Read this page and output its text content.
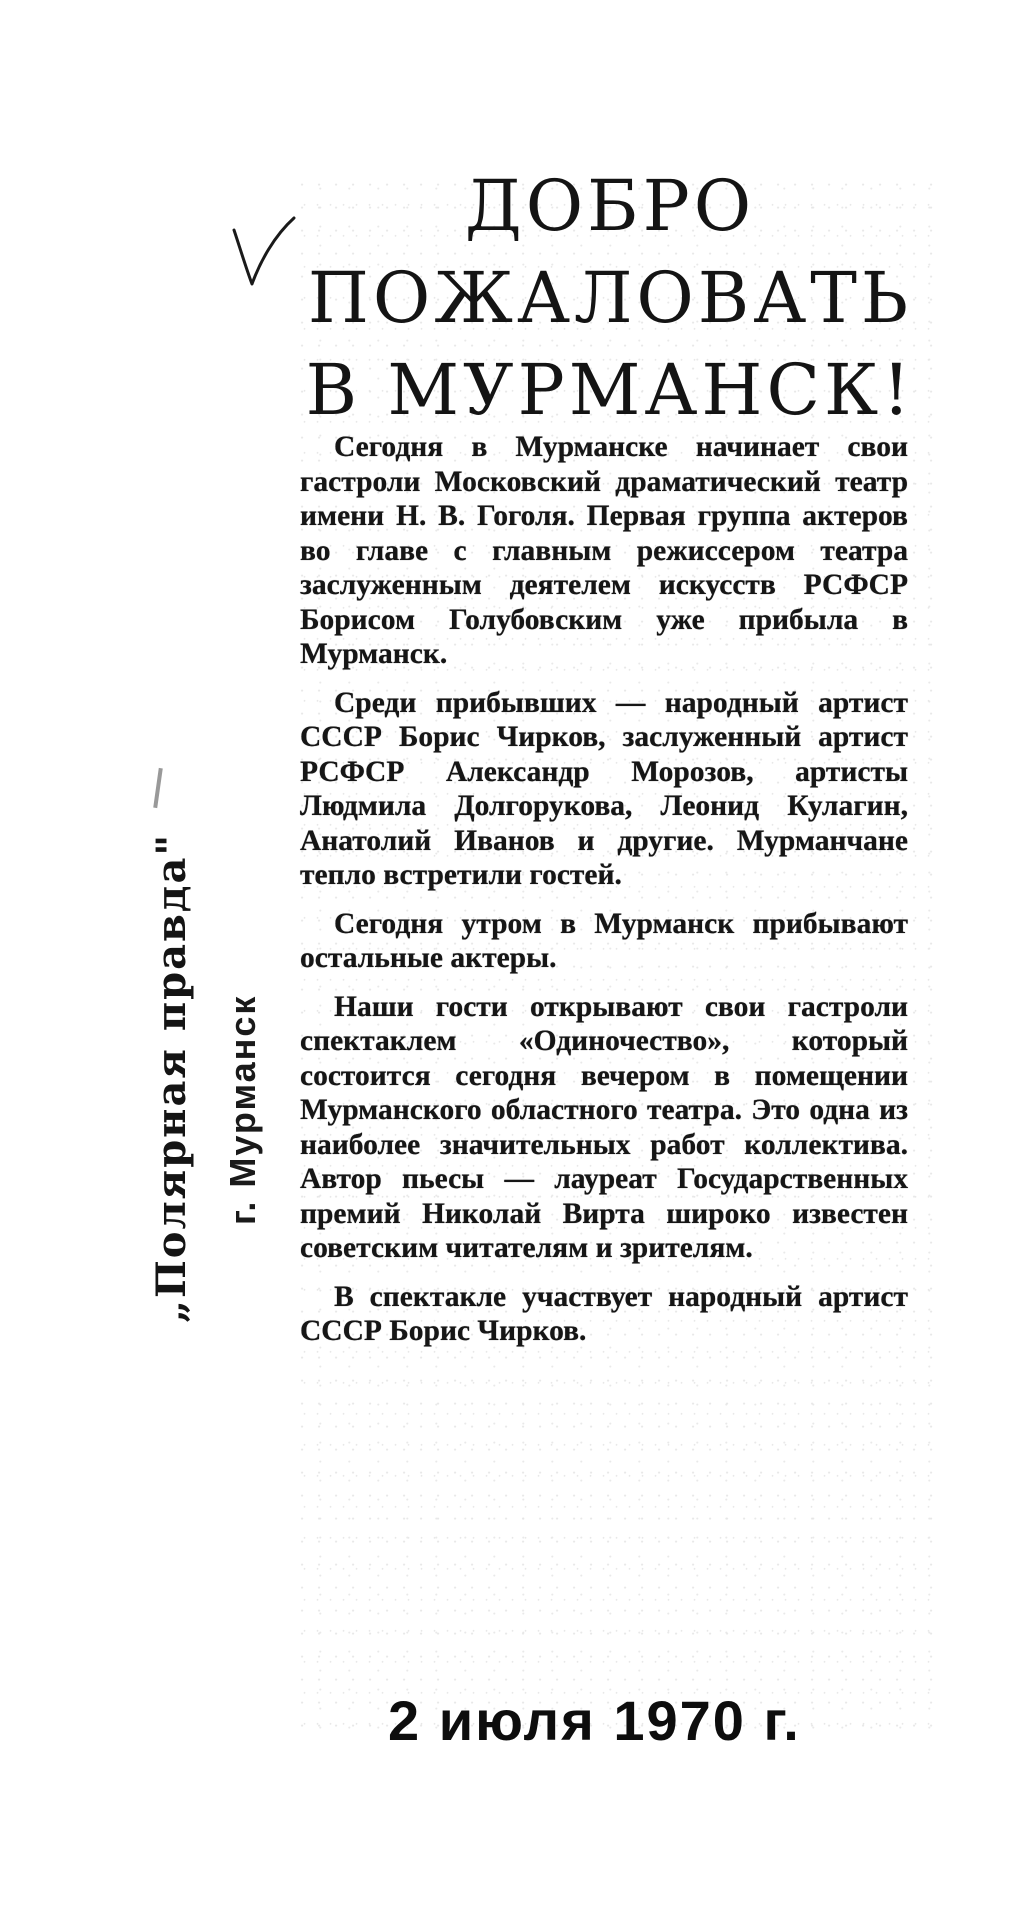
ДОБРО
ПОЖАЛОВАТЬ
В МУРМАНСК!

Сегодня в Мурманске начинает свои гастроли Московский драматический театр имени Н. В. Гоголя. Первая группа актеров во главе с главным режиссером театра заслуженным деятелем искусств РСФСР Борисом Голубовским уже прибыла в Мурманск.

Среди прибывших — народный артист СССР Борис Чирков, заслуженный артист РСФСР Александр Морозов, артисты Людмила Долгорукова, Леонид Кулагин, Анатолий Иванов и другие. Мурманчане тепло встретили гостей.

Сегодня утром в Мурманск прибывают остальные актеры.

Наши гости открывают свои гастроли спектаклем «Одиночество», который состоится сегодня вечером в помещении Мурманского областного театра. Это одна из наиболее значительных работ коллектива. Автор пьесы — лауреат Государственных премий Николай Вирта широко известен советским читателям и зрителям.

В спектакле участвует народный артист СССР Борис Чирков.

2 июля 1970 г.
„Полярная правда" г. Мурманск
